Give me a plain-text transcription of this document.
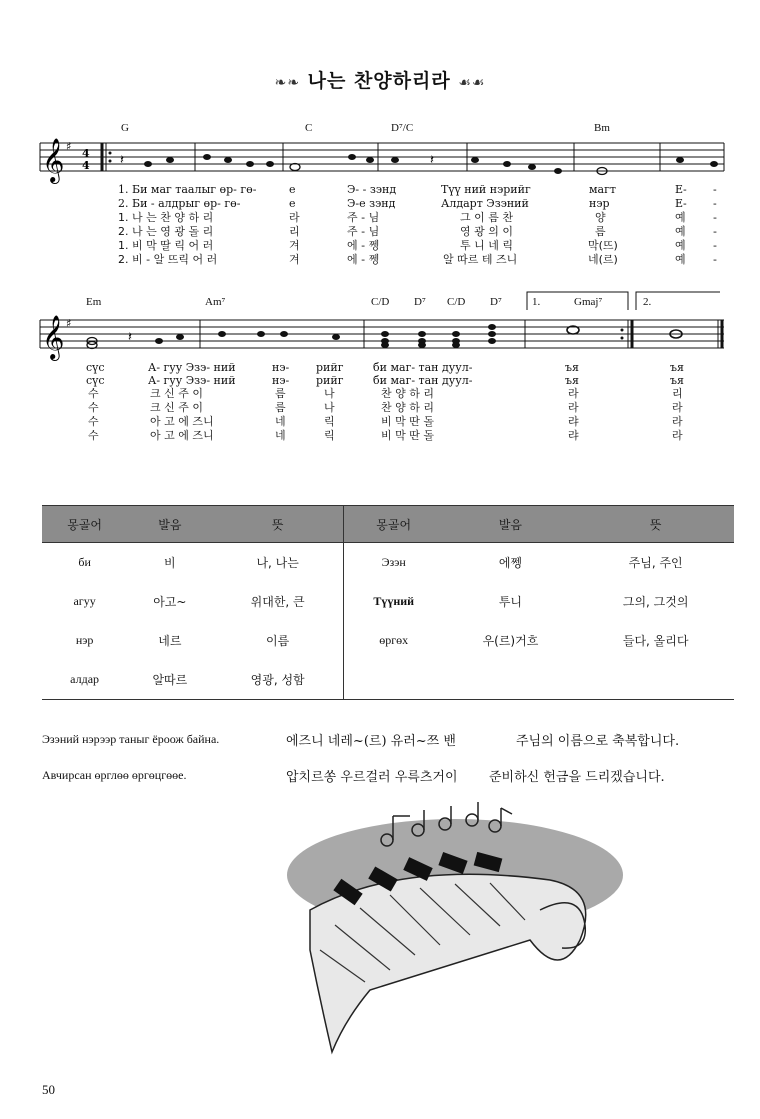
❧❧ 나는 찬양하리라 ☙☙
G	C	D⁷/C	Bm
𝄞 ♯
4
4 𝄽	𝄽
1. Би маг таалыг өр- гө-	е	Э- - зэнд	Түү ний нэрийг	магт	Е- -
2. Би - алдрыг өр- гө-	е	Э-е зэнд	Алдарт Эзэний	нэр	Е- -
1. 나 는 찬 양 하 리	라	주 - 님	그 이 름 찬	양	예 -
2. 나 는 영 광 돌 리	리	주 - 님	영 광 의 이	름	예 -
1. 비 막 딸 릭 어 러	겨	에 - 쩽	투 니 네 릭	막(뜨)	예 -
2. 비 - 알 뜨릭 어 러	겨	에 - 쩽	알 따르 테 즈니	네(르)	예 -
Em	Am⁷	C/D D⁷ C/D D⁷	1.	Gmaj⁷	2.
𝄞 ♯
𝄽
сүс	А- гуу Эзэ- ний	нэ- рийг	би маг- тан дуул-	ъя	ъя
сүс	А- гуу Эзэ- ний	нэ- рийг	би маг- тан дуул-	ъя	ъя
수	크 신 주 이	름	나	찬 양 하 리	라	리
수	크 신 주 이	름	나	찬 양 하 리	라	라
수	아 고 에 즈니	네	릭	비 막 딴 돌	랴	라
수	아 고 에 즈니	네	릭	비 막 딴 돌	랴	라
몽골어	발음	뜻	몽골어	발음	뜻
би	비	나, 나는	Эзэн	에쩽	주님, 주인
агуу	아고~	위대한, 큰	Түүний	투니	그의, 그것의
нэр	네르	이름	өргөх	우(르)거흐	들다, 올리다
алдар	알따르	영광, 성함			
Эзэний нэрээр таныг ёроож байна.	에즈니 네레~(르) 유러~쯔 밴	주님의 이름으로 축복합니다.
Авчирсан өрглөө өргөцгөөе.	압치르쏭 우르걸러 우륵츠거이 준비하신 헌금을 드리겠습니다.
50
